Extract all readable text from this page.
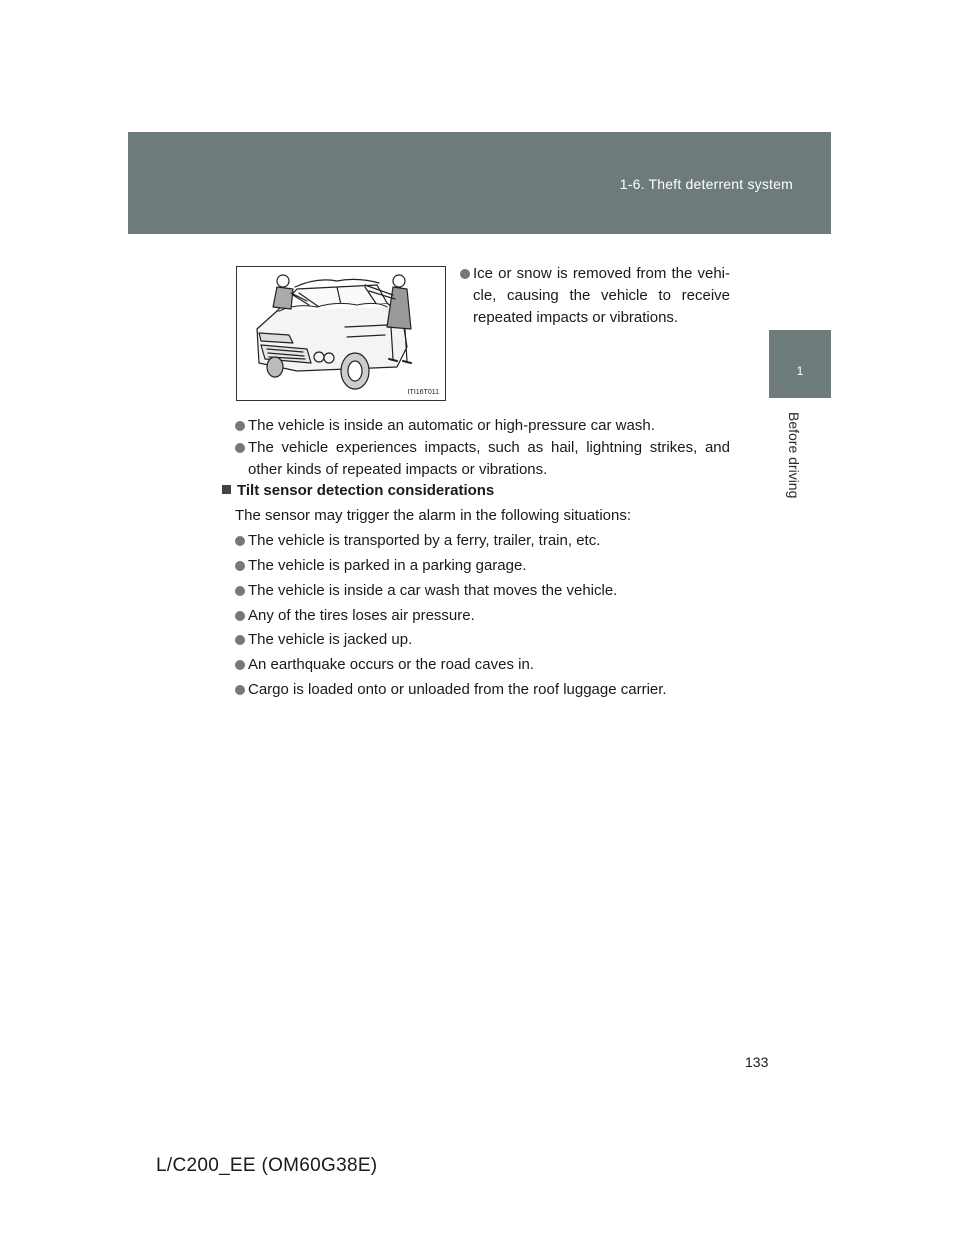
1-6. Theft deterrent system
1
Before driving
ITI16T011
Ice or snow is removed from the vehi-
cle, causing the vehicle to receive
repeated impacts or vibrations.
The vehicle is inside an automatic or high-pressure car wash.
The vehicle experiences impacts, such as hail, lightning strikes, and
other kinds of repeated impacts or vibrations.
Tilt sensor detection considerations
The sensor may trigger the alarm in the following situations:
The vehicle is transported by a ferry, trailer, train, etc.
The vehicle is parked in a parking garage.
The vehicle is inside a car wash that moves the vehicle.
Any of the tires loses air pressure.
The vehicle is jacked up.
An earthquake occurs or the road caves in.
Cargo is loaded onto or unloaded from the roof luggage carrier.
133
L/C200_EE (OM60G38E)
